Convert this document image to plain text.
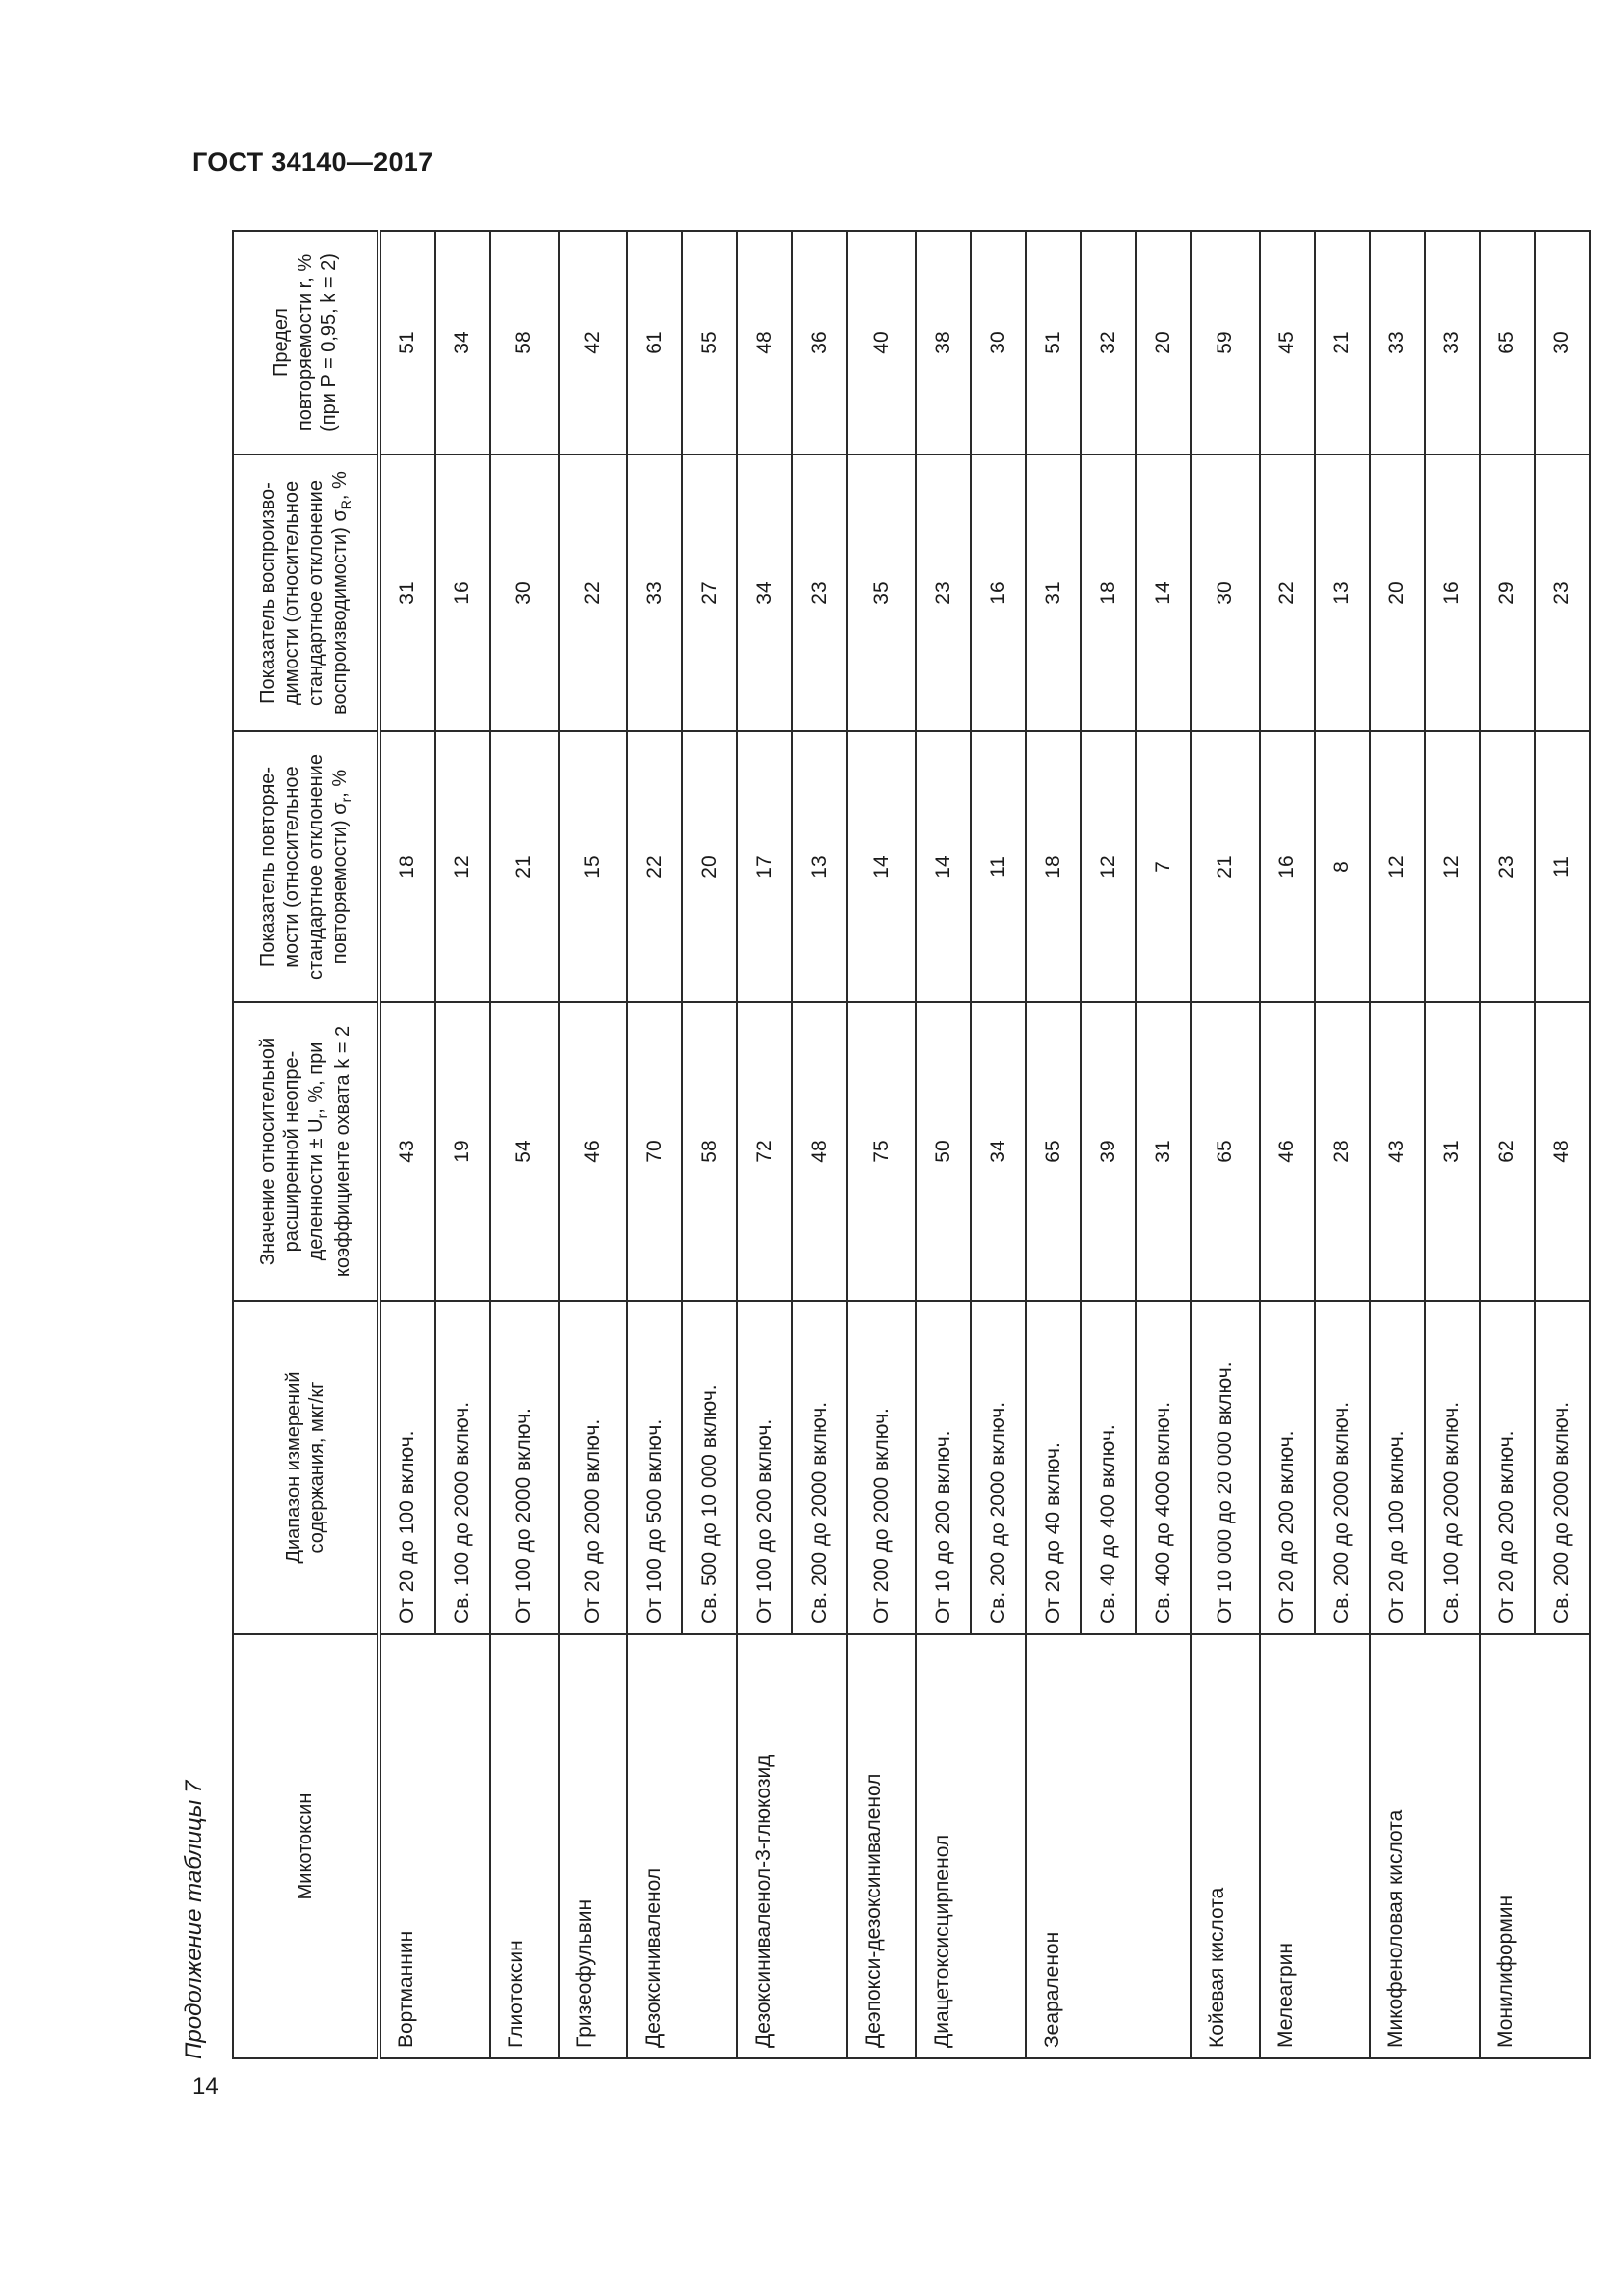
ГОСТ 34140—2017
14
Продолжение таблицы 7	Микотоксин	Диапазон измерений содержания, мкг/кг	Значение относительной расширенной неопре-деленности ± $U_r$, %, при коэффициенте охвата k = 2	Показатель повторяе-мости (относительное стандартное отклонение повторяемости) $\sigma_r$, %	Показатель воспроизво-димости (относительное стандартное отклонение воспроизводимости) $\sigma_R$, %	Предел повторяемости r, % (при P = 0,95, k = 2)
Вортманнин	От 20 до 100 включ.	43	18	31	51
	Св. 100 до 2000 включ.	19	12	16	34
Глиотоксин	От 100 до 2000 включ.	54	21	30	58
Гризеофульвин	От 20 до 2000 включ.	46	15	22	42
Дезоксиниваленол	От 100 до 500 включ.	70	22	33	61
	Св. 500 до 10 000 включ.	58	20	27	55
Дезоксиниваленол-3-глюкозид	От 100 до 200 включ.	72	17	34	48
	Св. 200 до 2000 включ.	48	13	23	36
Деэпокси-дезоксиниваленол	От 200 до 2000 включ.	75	14	35	40
Диацетоксисцирпенол	От 10 до 200 включ.	50	14	23	38
	Св. 200 до 2000 включ.	34	11	16	30
Зеараленон	От 20 до 40 включ.	65	18	31	51
	Св. 40 до 400 включ.	39	12	18	32
	Св. 400 до 4000 включ.	31	7	14	20
Койевая кислота	От 10 000 до 20 000 включ.	65	21	30	59
Мелеагрин	От 20 до 200 включ.	46	16	22	45
	Св. 200 до 2000 включ.	28	8	13	21
Микофеноловая кислота	От 20 до 100 включ.	43	12	20	33
	Св. 100 до 2000 включ.	31	12	16	33
Монилиформин	От 20 до 200 включ.	62	23	29	65
	Св. 200 до 2000 включ.	48	11	23	30
